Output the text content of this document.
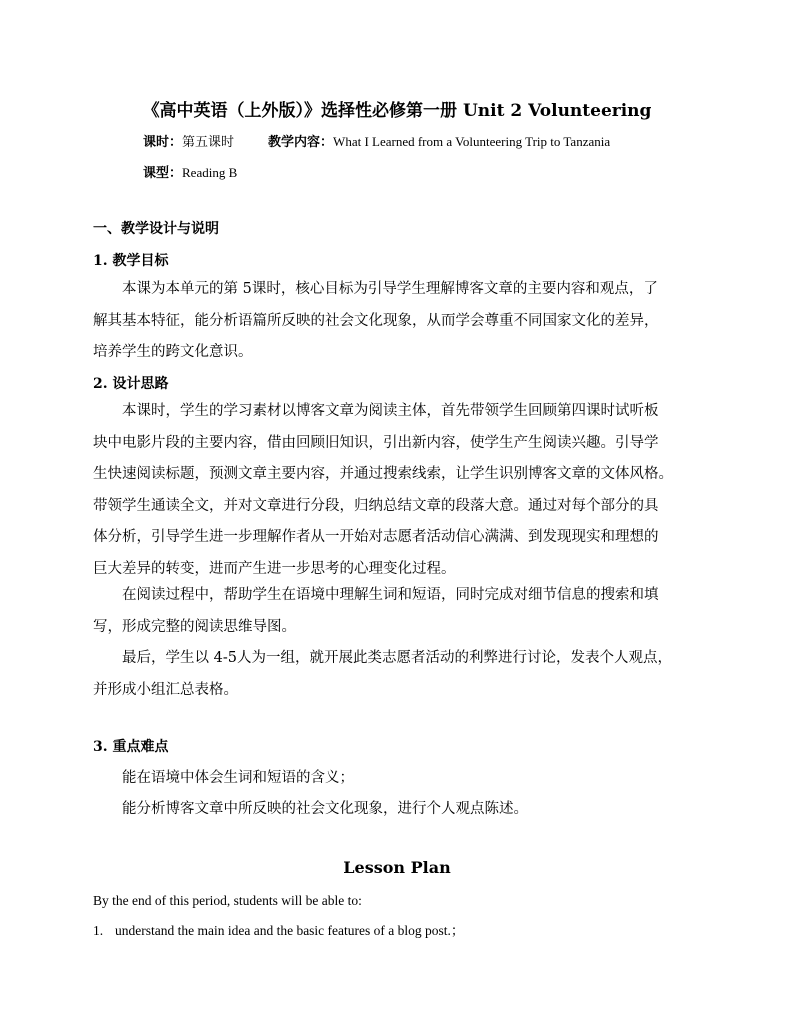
《高中英语（上外版）》选择性必修第一册 Unit 2 Volunteering
课时：第五课时	教学内容：What I Learned from a Volunteering Trip to Tanzania
课型：Reading B
一、教学设计与说明
1. 教学目标
本课为本单元的第 5课时，核心目标为引导学生理解博客文章的主要内容和观点，了
解其基本特征，能分析语篇所反映的社会文化现象，从而学会尊重不同国家文化的差异，
培养学生的跨文化意识。
2. 设计思路
本课时，学生的学习素材以博客文章为阅读主体，首先带领学生回顾第四课时试听板
块中电影片段的主要内容，借由回顾旧知识，引出新内容，使学生产生阅读兴趣。引导学
生快速阅读标题，预测文章主要内容，并通过搜索线索，让学生识别博客文章的文体风格。
带领学生通读全文，并对文章进行分段，归纳总结文章的段落大意。通过对每个部分的具
体分析，引导学生进一步理解作者从一开始对志愿者活动信心满满、到发现现实和理想的
巨大差异的转变，进而产生进一步思考的心理变化过程。
在阅读过程中，帮助学生在语境中理解生词和短语，同时完成对细节信息的搜索和填
写，形成完整的阅读思维导图。
最后，学生以 4-5人为一组，就开展此类志愿者活动的利弊进行讨论，发表个人观点，
并形成小组汇总表格。
3. 重点难点
能在语境中体会生词和短语的含义；
能分析博客文章中所反映的社会文化现象，进行个人观点陈述。
Lesson Plan
By the end of this period, students will be able to:
1. understand the main idea and the basic features of a blog post.；
